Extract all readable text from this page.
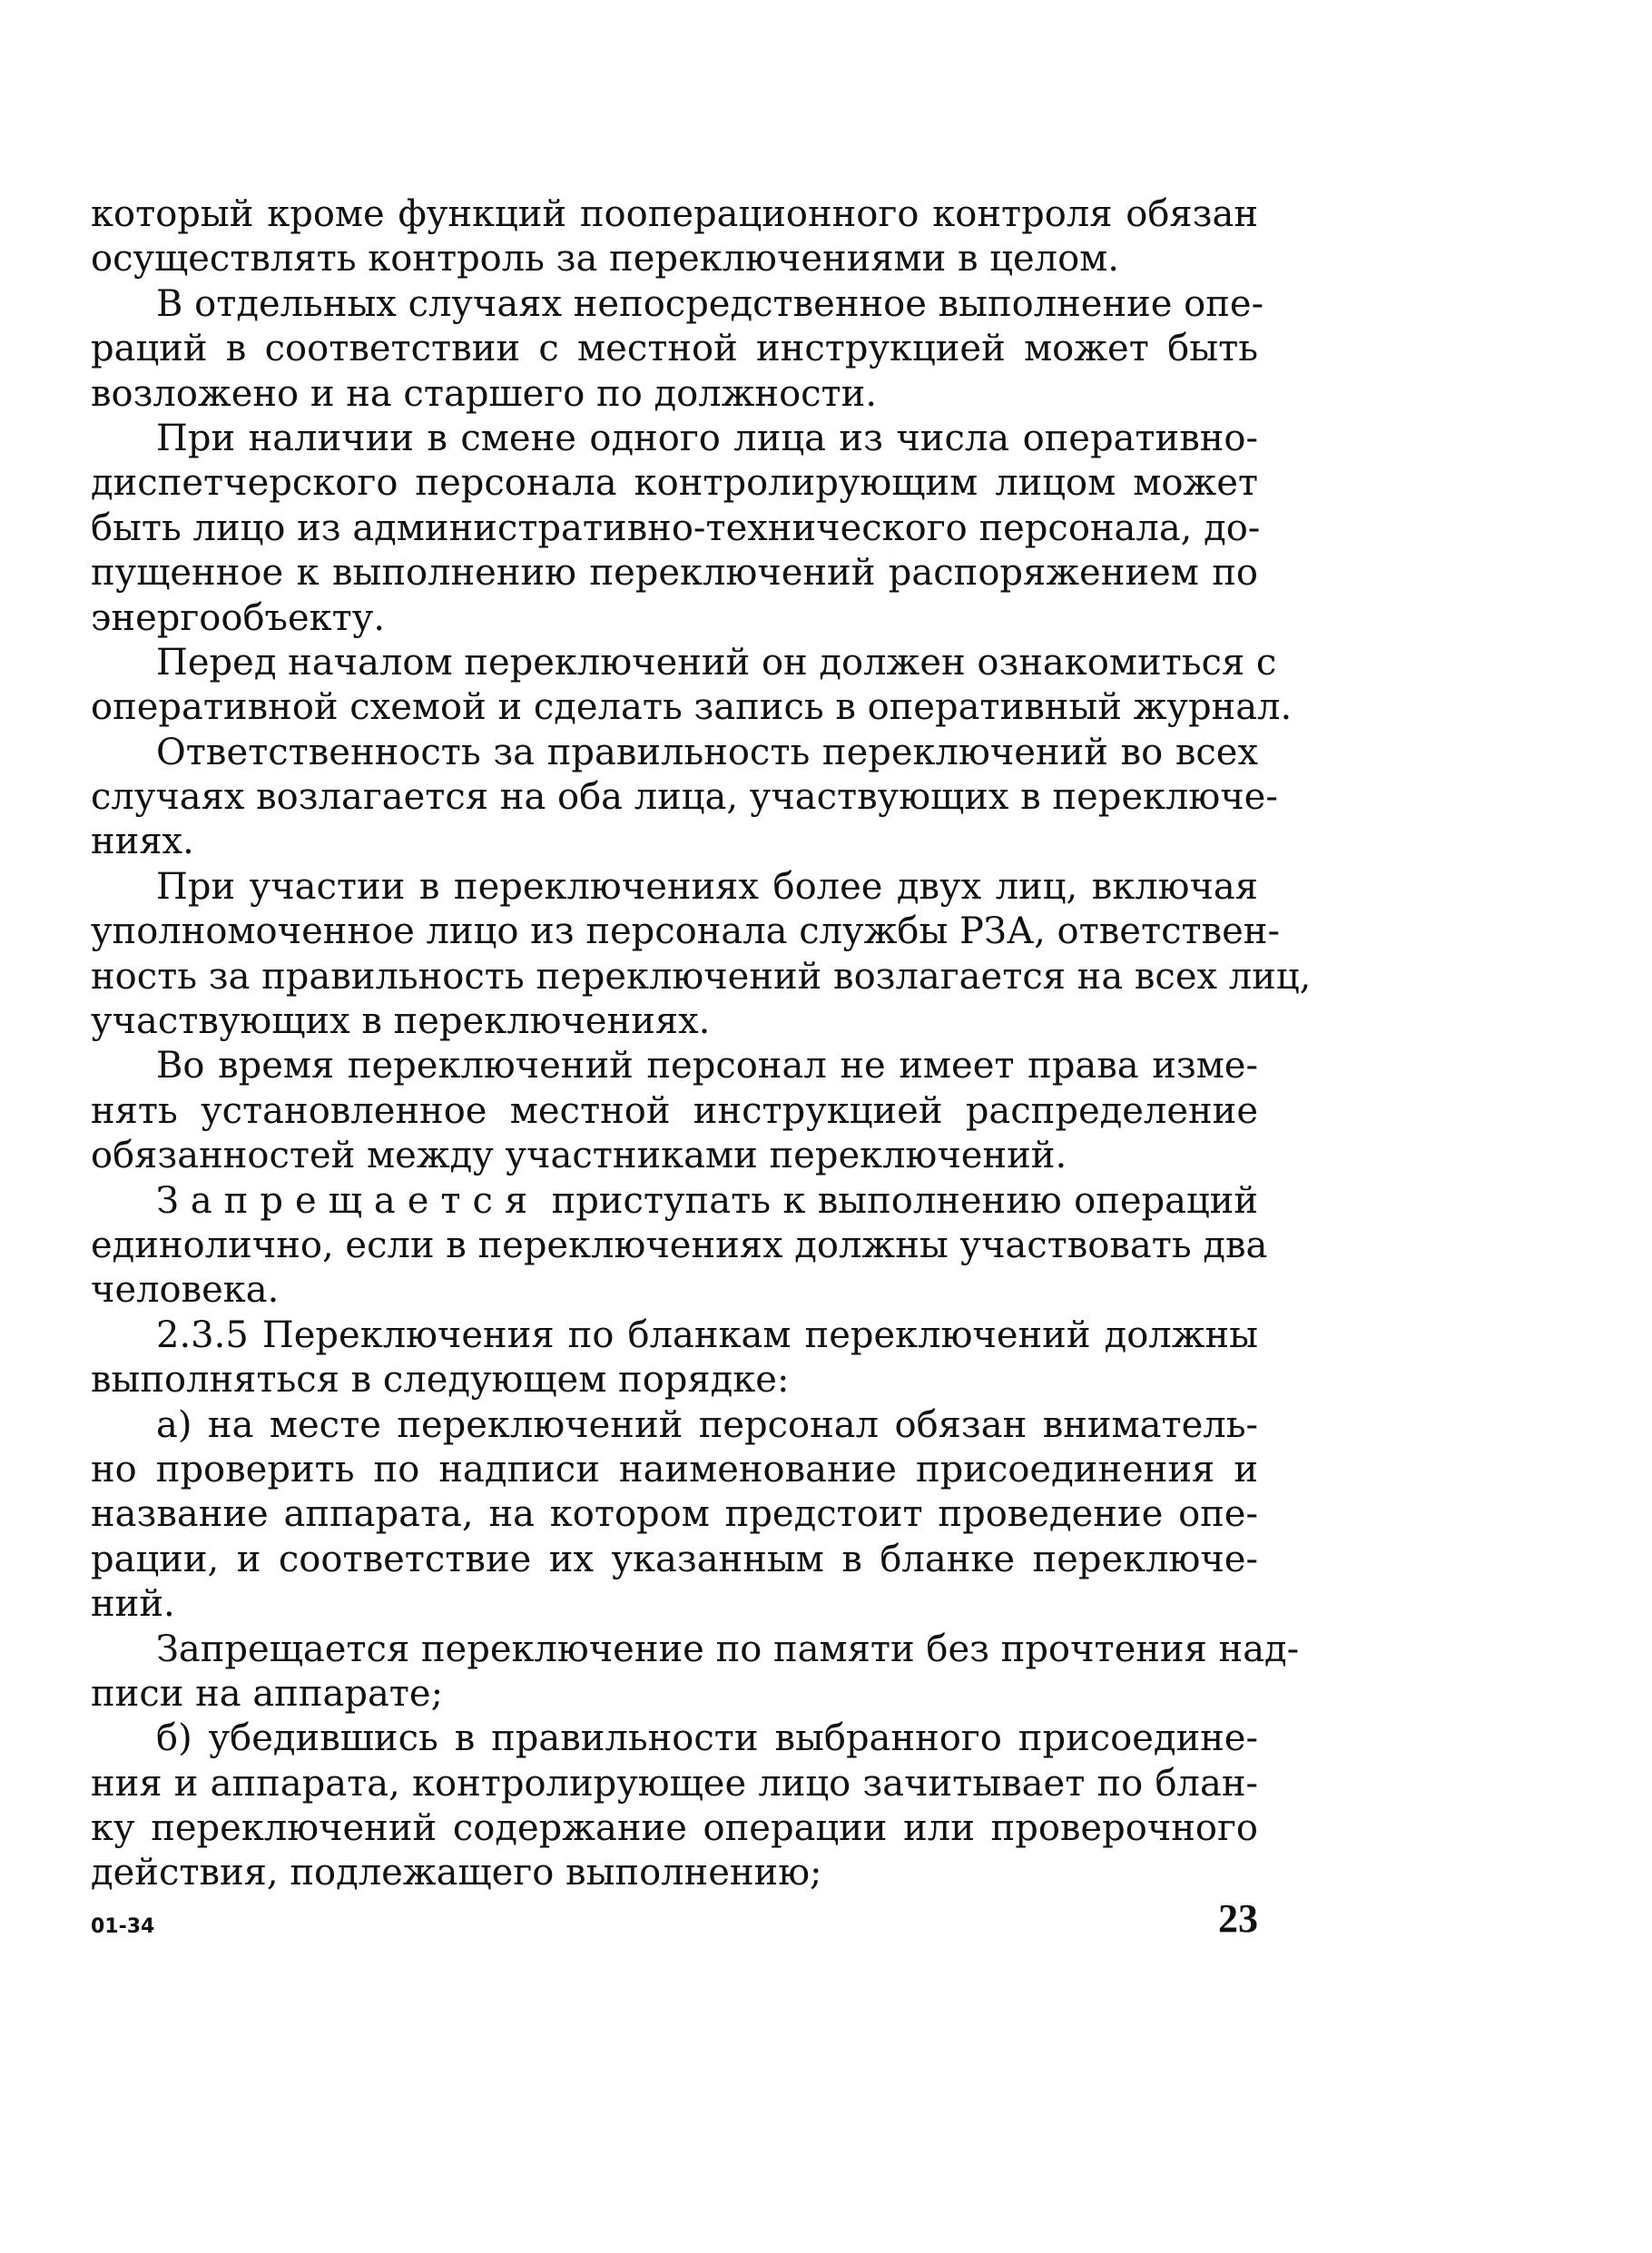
который кроме функций пооперационного контроля обязан
осуществлять контроль за переключениями в целом.
В отдельных случаях непосредственное выполнение опе-
раций в соответствии с местной инструкцией может быть
возложено и на старшего по должности.
При наличии в смене одного лица из числа оперативно-
диспетчерского персонала контролирующим лицом может
быть лицо из административно-технического персонала, до-
пущенное к выполнению переключений распоряжением по
энергообъекту.
Перед началом переключений он должен ознакомиться с
оперативной схемой и сделать запись в оперативный журнал.
Ответственность за правильность переключений во всех
случаях возлагается на оба лица, участвующих в переключе-
ниях.
При участии в переключениях более двух лиц, включая
уполномоченное лицо из персонала службы РЗА, ответствен-
ность за правильность переключений возлагается на всех лиц,
участвующих в переключениях.
Во время переключений персонал не имеет права изме-
нять установленное местной инструкцией распределение
обязанностей между участниками переключений.
Запрещается приступать к выполнению операций
единолично, если в переключениях должны участвовать два
человека.
2.3.5 Переключения по бланкам переключений должны
выполняться в следующем порядке:
а) на месте переключений персонал обязан вниматель-
но проверить по надписи наименование присоединения и
название аппарата, на котором предстоит проведение опе-
рации, и соответствие их указанным в бланке переключе-
ний.
Запрещается переключение по памяти без прочтения над-
писи на аппарате;
б) убедившись в правильности выбранного присоедине-
ния и аппарата, контролирующее лицо зачитывает по блан-
ку переключений содержание операции или проверочного
действия, подлежащего выполнению;
01-34	23
